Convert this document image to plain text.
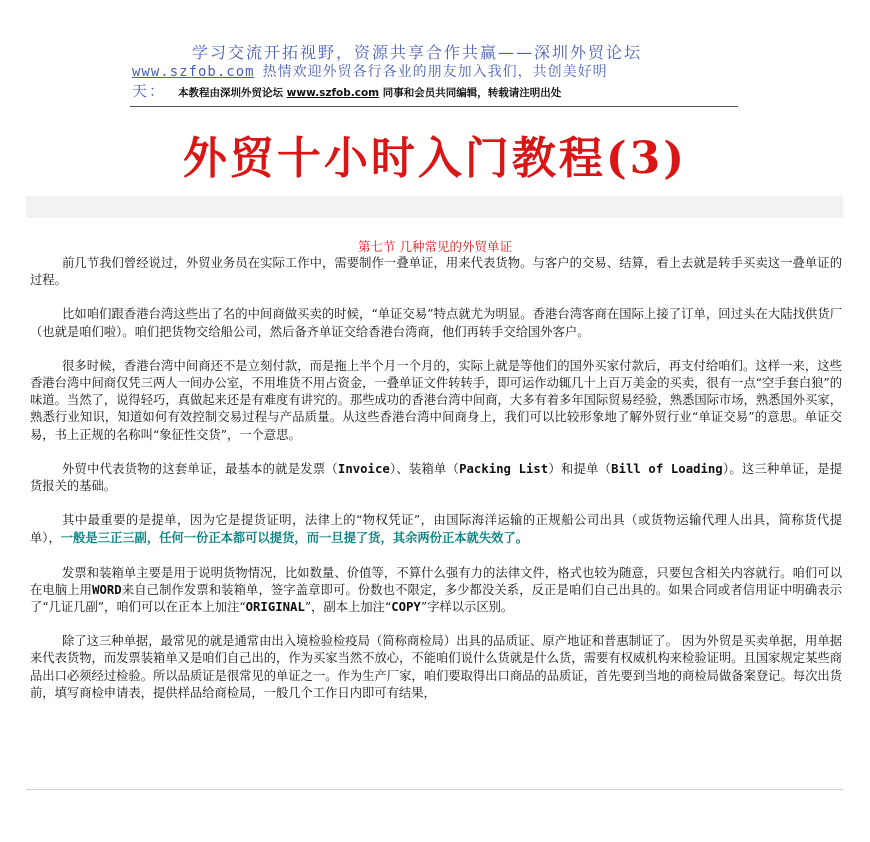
学习交流开拓视野，资源共享合作共赢——深圳外贸论坛
www.szfob.com 热情欢迎外贸各行各业的朋友加入我们，共创美好明
天： 本教程由深圳外贸论坛 www.szfob.com 同事和会员共同编辑，转载请注明出处
外贸十小时入门教程(3)
第七节 几种常见的外贸单证

前几节我们曾经说过，外贸业务员在实际工作中，需要制作一叠单证，用来代表货物。与客户的交易、结算，看上去就是转手买卖这一叠单证的过程。

比如咱们跟香港台湾这些出了名的中间商做买卖的时候，“单证交易”特点就尤为明显。香港台湾客商在国际上接了订单，回过头在大陆找供货厂（也就是咱们啦）。咱们把货物交给船公司，然后备齐单证交给香港台湾商，他们再转手交给国外客户。

很多时候，香港台湾中间商还不是立刻付款，而是拖上半个月一个月的，实际上就是等他们的国外买家付款后，再支付给咱们。这样一来，这些香港台湾中间商仅凭三两人一间办公室，不用堆货不用占资金，一叠单证文件转转手，即可运作动辄几十上百万美金的买卖，很有一点“空手套白狼”的味道。当然了，说得轻巧，真做起来还是有难度有讲究的。那些成功的香港台湾中间商，大多有着多年国际贸易经验，熟悉国际市场，熟悉国外买家，熟悉行业知识，知道如何有效控制交易过程与产品质量。从这些香港台湾中间商身上，我们可以比较形象地了解外贸行业“单证交易”的意思。单证交易，书上正规的名称叫“象征性交货”，一个意思。

外贸中代表货物的这套单证，最基本的就是发票（Invoice）、装箱单（Packing List）和提单（Bill of Loading）。这三种单证，是提货报关的基础。

其中最重要的是提单，因为它是提货证明，法律上的“物权凭证”，由国际海洋运输的正规船公司出具（或货物运输代理人出具，简称货代提单），一般是三正三副，任何一份正本都可以提货，而一旦提了货，其余两份正本就失效了。

发票和装箱单主要是用于说明货物情况，比如数量、价值等，不算什么强有力的法律文件，格式也较为随意，只要包含相关内容就行。咱们可以在电脑上用WORD来自己制作发票和装箱单，签字盖章即可。份数也不限定，多少都没关系，反正是咱们自己出具的。如果合同或者信用证中明确表示了“几证几副”，咱们可以在正本上加注“ORIGINAL”，副本上加注“COPY”字样以示区别。

除了这三种单据，最常见的就是通常由出入境检验检疫局（简称商检局）出具的品质证、原产地证和普惠制证了。 因为外贸是买卖单据，用单据来代表货物，而发票装箱单又是咱们自己出的，作为买家当然不放心，不能咱们说什么货就是什么货，需要有权威机构来检验证明。且国家规定某些商品出口必须经过检验。所以品质证是很常见的单证之一。作为生产厂家，咱们要取得出口商品的品质证，首先要到当地的商检局做备案登记。每次出货前，填写商检申请表，提供样品给商检局，一般几个工作日内即可有结果，
